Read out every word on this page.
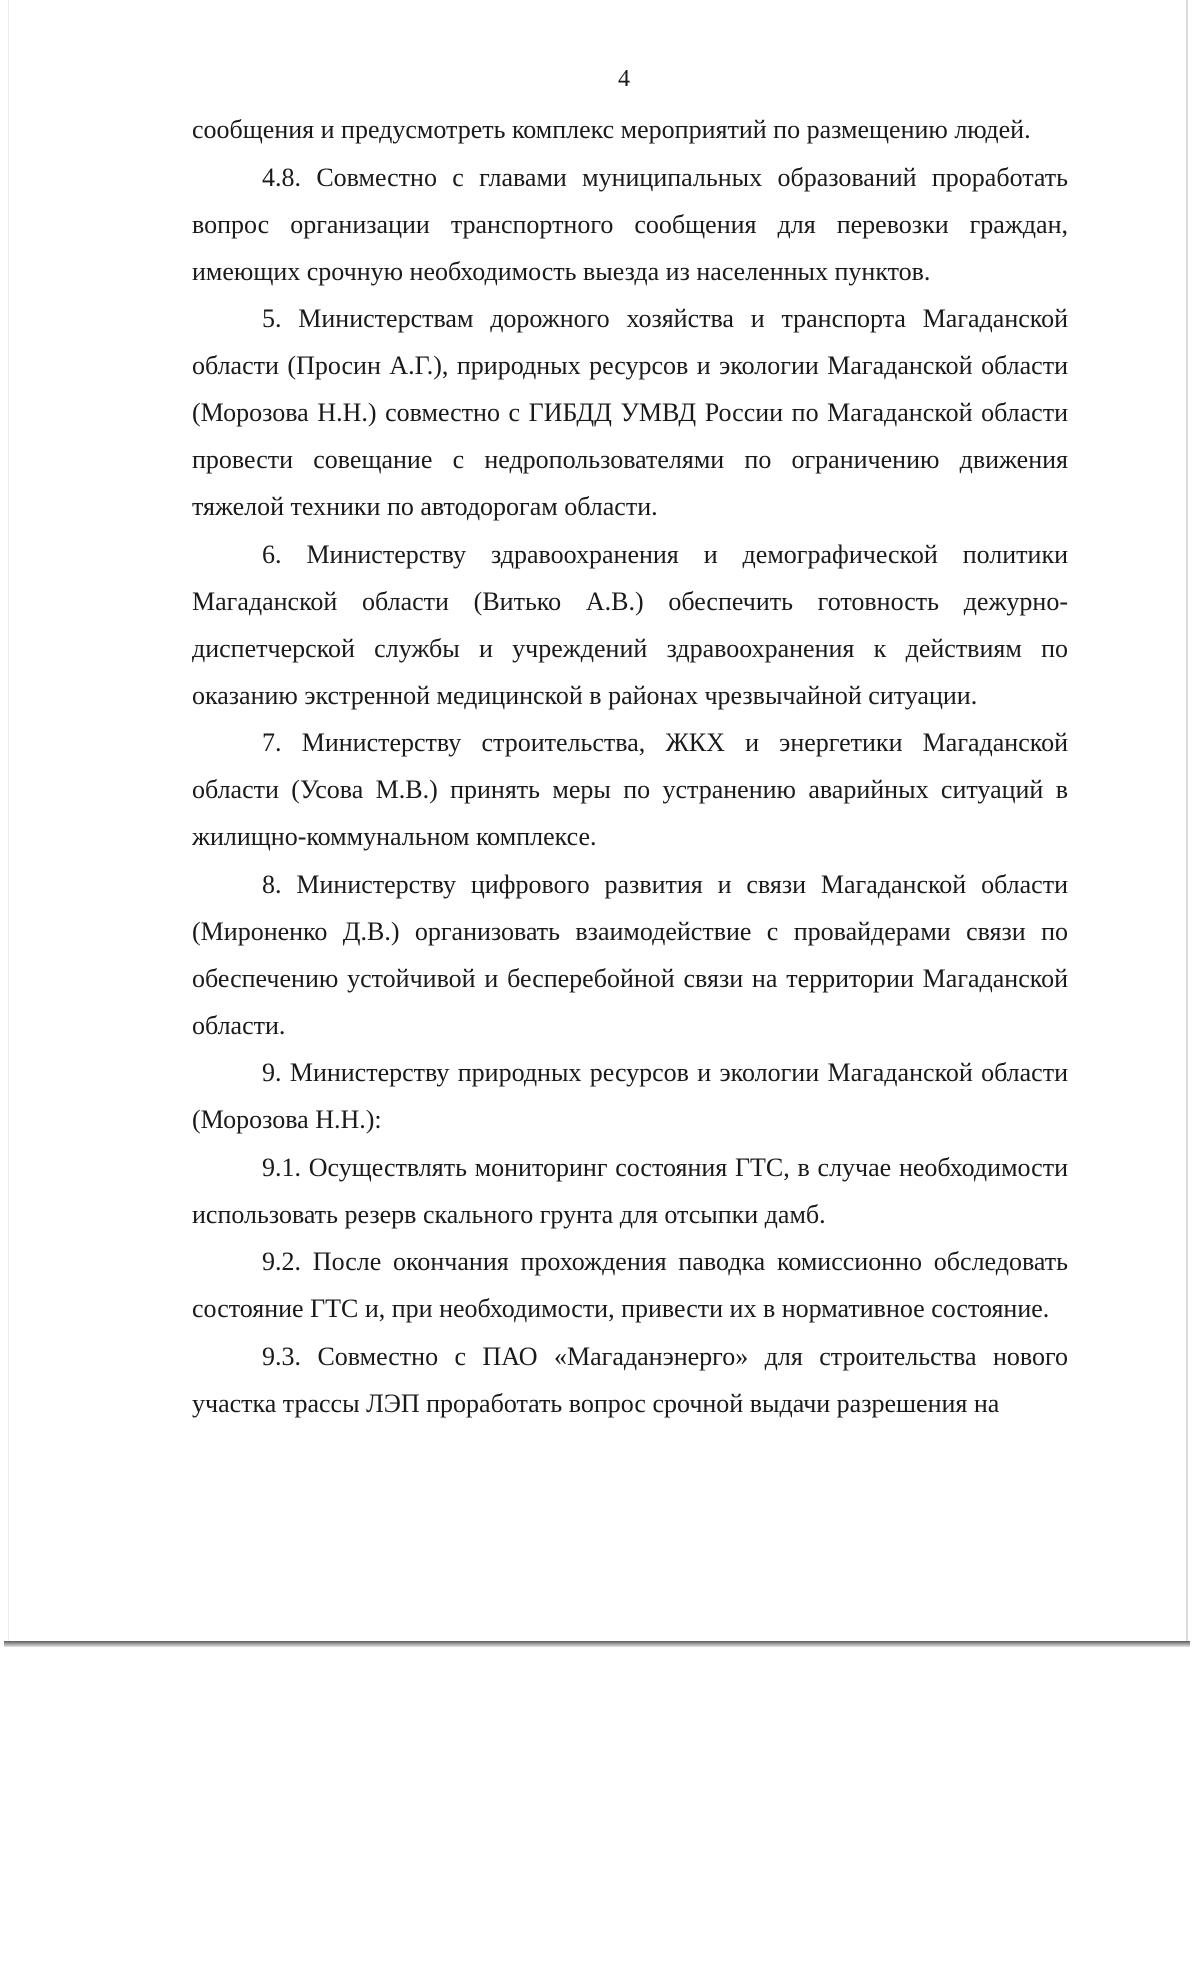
4

сообщения и предусмотреть комплекс мероприятий по размещению людей.

4.8. Совместно с главами муниципальных образований проработать вопрос организации транспортного сообщения для перевозки граждан, имеющих срочную необходимость выезда из населенных пунктов.

5. Министерствам дорожного хозяйства и транспорта Магаданской области (Просин А.Г.), природных ресурсов и экологии Магаданской области (Морозова Н.Н.) совместно с ГИБДД УМВД России по Магаданской области провести совещание с недропользователями по ограничению движения тяжелой техники по автодорогам области.

6. Министерству здравоохранения и демографической политики Магаданской области (Витько А.В.) обеспечить готовность дежурно-диспетчерской службы и учреждений здравоохранения к действиям по оказанию экстренной медицинской в районах чрезвычайной ситуации.

7. Министерству строительства, ЖКХ и энергетики Магаданской области (Усова М.В.) принять меры по устранению аварийных ситуаций в жилищно-коммунальном комплексе.

8. Министерству цифрового развития и связи Магаданской области (Мироненко Д.В.) организовать взаимодействие с провайдерами связи по обеспечению устойчивой и бесперебойной связи на территории Магаданской области.

9. Министерству природных ресурсов и экологии Магаданской области (Морозова Н.Н.):

9.1. Осуществлять мониторинг состояния ГТС, в случае необходимости использовать резерв скального грунта для отсыпки дамб.

9.2. После окончания прохождения паводка комиссионно обследовать состояние ГТС и, при необходимости, привести их в нормативное состояние.

9.3. Совместно с ПАО «Магаданэнерго» для строительства нового участка трассы ЛЭП проработать вопрос срочной выдачи разрешения на
